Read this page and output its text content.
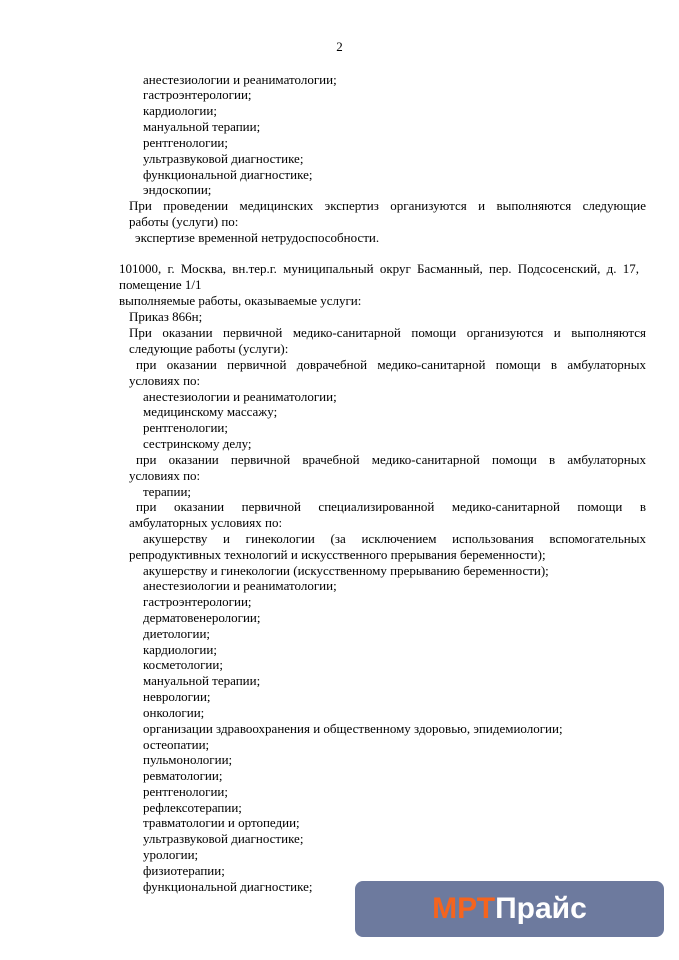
2
анестезиологии и реаниматологии;
гастроэнтерологии;
кардиологии;
мануальной терапии;
рентгенологии;
ультразвуковой диагностике;
функциональной диагностике;
эндоскопии;
При проведении медицинских экспертиз организуются и выполняются следующие
работы (услуги) по:
экспертизе временной нетрудоспособности.
101000, г. Москва, вн.тер.г. муниципальный округ Басманный, пер. Подсосенский, д. 17,
помещение 1/1
выполняемые работы, оказываемые услуги:
Приказ 866н;
При оказании первичной медико-санитарной помощи организуются и выполняются
следующие работы (услуги):
при оказании первичной доврачебной медико-санитарной помощи в амбулаторных
условиях по:
анестезиологии и реаниматологии;
медицинскому массажу;
рентгенологии;
сестринскому делу;
при оказании первичной врачебной медико-санитарной помощи в амбулаторных
условиях по:
терапии;
при оказании первичной специализированной медико-санитарной помощи в
амбулаторных условиях по:
акушерству и гинекологии (за исключением использования вспомогательных
репродуктивных технологий и искусственного прерывания беременности);
акушерству и гинекологии (искусственному прерыванию беременности);
анестезиологии и реаниматологии;
гастроэнтерологии;
дерматовенерологии;
диетологии;
кардиологии;
косметологии;
мануальной терапии;
неврологии;
онкологии;
организации здравоохранения и общественному здоровью, эпидемиологии;
остеопатии;
пульмонологии;
ревматологии;
рентгенологии;
рефлексотерапии;
травматологии и ортопедии;
ультразвуковой диагностике;
урологии;
физиотерапии;
функциональной диагностике;
МРТ Прайс
